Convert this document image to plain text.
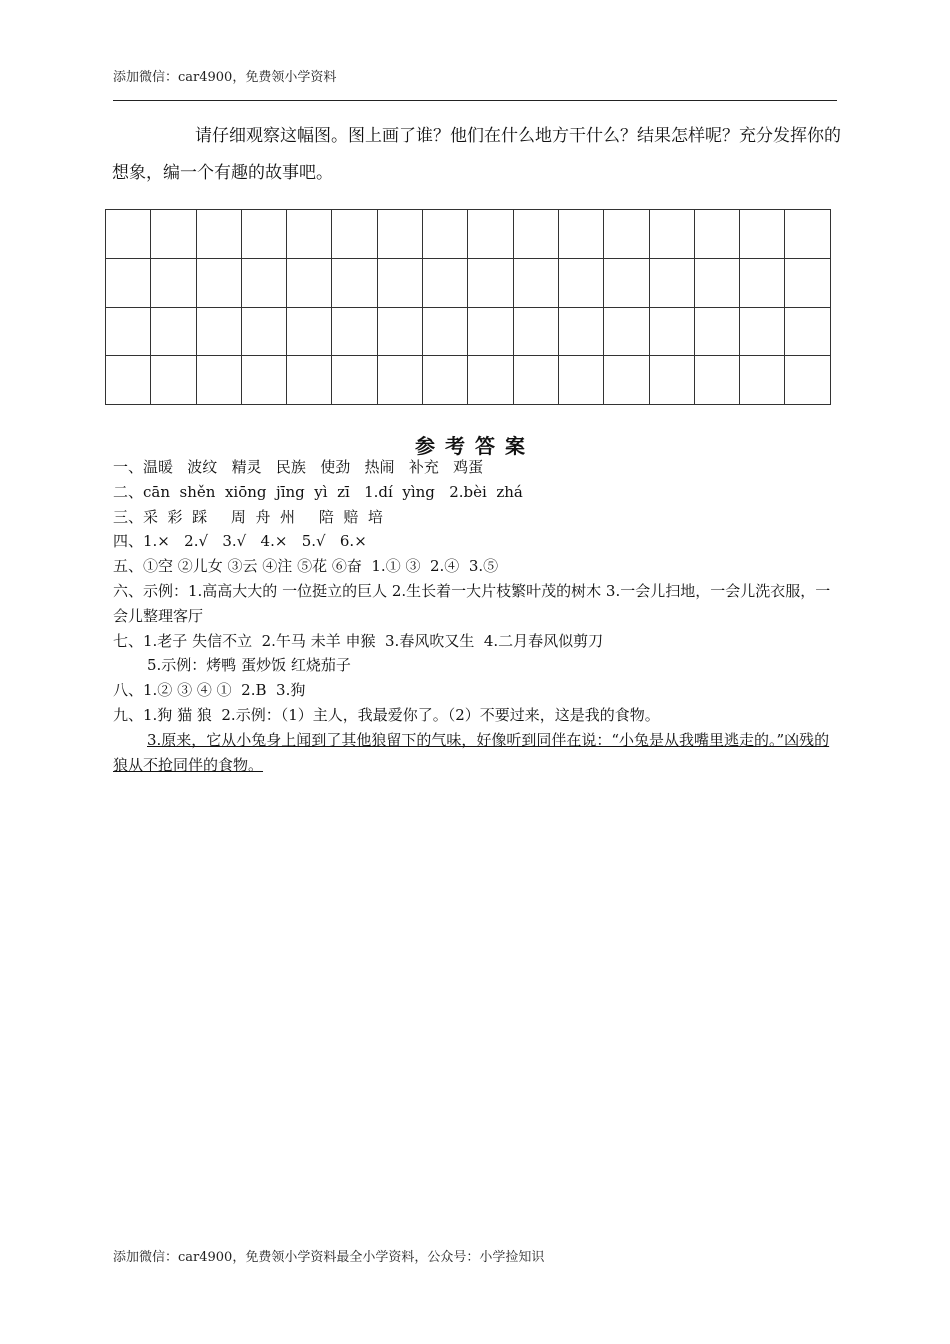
添加微信：car4900，免费领小学资料
请仔细观察这幅图。图上画了谁？他们在什么地方干什么？结果怎样呢？充分发挥你的想象，编一个有趣的故事吧。

参考答案
一、温暖   波纹   精灵   民族   使劲   热闹   补充   鸡蛋
二、cān  shěn  xiōng  jīng  yì  zī   1.dí  yìng   2.bèi  zhá
三、采  彩  踩     周  舟  州     陪  赔  培
四、1.×   2.√   3.√   4.×   5.√   6.×
五、①空 ②儿女 ③云 ④注 ⑤花 ⑥奋  1.① ③  2.④  3.⑤
六、示例：1.高高大大的 一位挺立的巨人 2.生长着一大片枝繁叶茂的树木 3.一会儿扫地，一会儿洗衣服，一会儿整理客厅
七、1.老子 失信不立  2.午马 未羊 申猴  3.春风吹又生  4.二月春风似剪刀
5.示例：烤鸭 蛋炒饭 红烧茄子
八、1.② ③ ④ ①  2.B  3.狗
九、1.狗 猫 狼  2.示例：（1）主人，我最爱你了。（2）不要过来，这是我的食物。
3.原来，它从小兔身上闻到了其他狼留下的气味，好像听到同伴在说：“小兔是从我嘴里逃走的。”凶残的狼从不抢同伴的食物。
添加微信：car4900，免费领小学资料最全小学资料，公众号：小学捡知识
